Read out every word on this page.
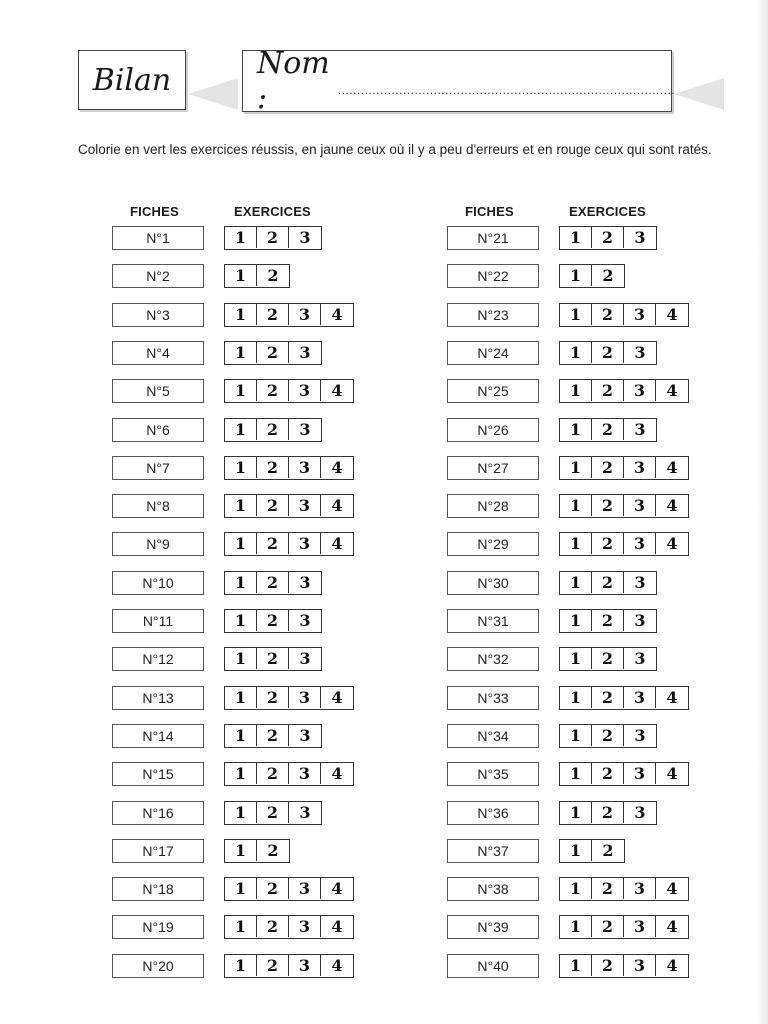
Bilan	Nom :	........................................................................................
Colorie en vert les exercices réussis, en jaune ceux où il y a peu d'erreurs et en rouge ceux qui sont ratés.
FICHES	EXERCICES
N°1	1	2	3
N°2	1	2
N°3	1	2	3	4
N°4	1	2	3
N°5	1	2	3	4
N°6	1	2	3
N°7	1	2	3	4
N°8	1	2	3	4
N°9	1	2	3	4
N°10	1	2	3
N°11	1	2	3
N°12	1	2	3
N°13	1	2	3	4
N°14	1	2	3
N°15	1	2	3	4
N°16	1	2	3
N°17	1	2
N°18	1	2	3	4
N°19	1	2	3	4
N°20	1	2	3	4
FICHES	EXERCICES
N°21	1	2	3
N°22	1	2
N°23	1	2	3	4
N°24	1	2	3
N°25	1	2	3	4
N°26	1	2	3
N°27	1	2	3	4
N°28	1	2	3	4
N°29	1	2	3	4
N°30	1	2	3
N°31	1	2	3
N°32	1	2	3
N°33	1	2	3	4
N°34	1	2	3
N°35	1	2	3	4
N°36	1	2	3
N°37	1	2
N°38	1	2	3	4
N°39	1	2	3	4
N°40	1	2	3	4
